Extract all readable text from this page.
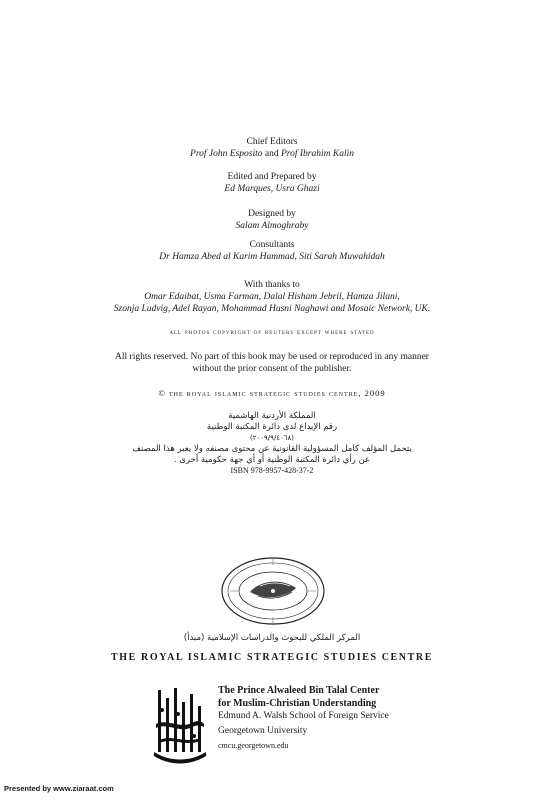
Chief Editors
Prof John Esposito and Prof Ibrahim Kalin
Edited and Prepared by
Ed Marques, Usra Ghazi
Designed by
Salam Almoghraby
Consultants
Dr Hamza Abed al Karim Hammad, Siti Sarah Muwahidah
With thanks to
Omar Edaibat, Usma Farman, Dalal Hisham Jebril, Hamza Jilani,
Szonja Ludvig, Adel Rayan, Mohammad Husni Naghawi and Mosaic Network, UK.
all photos copyright of reuters except where stated
All rights reserved. No part of this book may be used or reproduced in any manner
without the prior consent of the publisher.
© the royal islamic strategic studies centre, 2009
المملكة الأردنية الهاشمية
رقم الإيداع لدى دائرة المكتبة الوطنية
(٢٠٠٩/٩/٤٠٦٨)
يتحمل المؤلف كامل المسؤولية القانونية عن محتوى مصنفه ولا يعبر هذا المصنف
عن رأي دائرة المكتبة الوطنية أو أي جهة حكومية أخرى .
ISBN 978-9957-428-37-2
المركز الملكي للبحوث والدراسات الإسلامية (مبدأ)
THE ROYAL ISLAMIC STRATEGIC STUDIES CENTRE
The Prince Alwaleed Bin Talal Center
for Muslim-Christian Understanding
Edmund A. Walsh School of Foreign Service
Georgetown University
cmcu.georgetown.edu
Presented by www.ziaraat.com
